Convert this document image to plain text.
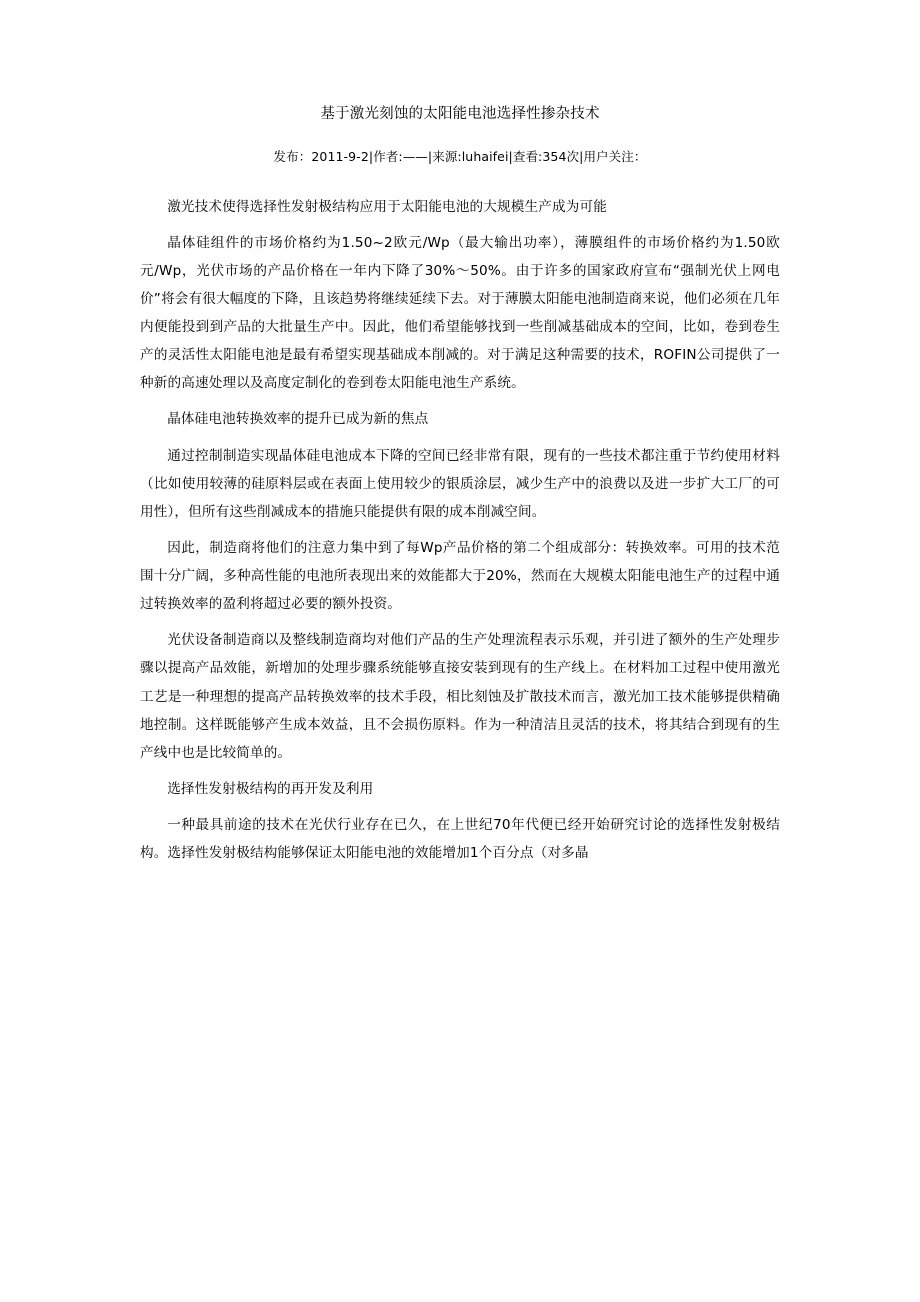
基于激光刻蚀的太阳能电池选择性掺杂技术
发布：2011-9-2|作者:——|来源:luhaifei|查看:354次|用户关注：
激光技术使得选择性发射极结构应用于太阳能电池的大规模生产成为可能

晶体硅组件的市场价格约为1.50~2欧元/Wp（最大输出功率），薄膜组件的市场价格约为1.50欧元/Wp，光伏市场的产品价格在一年内下降了30%～50%。由于许多的国家政府宣布“强制光伏上网电价”将会有很大幅度的下降，且该趋势将继续延续下去。对于薄膜太阳能电池制造商来说，他们必须在几年内便能投到到产品的大批量生产中。因此，他们希望能够找到一些削减基础成本的空间，比如，卷到卷生产的灵活性太阳能电池是最有希望实现基础成本削减的。对于满足这种需要的技术，ROFIN公司提供了一种新的高速处理以及高度定制化的卷到卷太阳能电池生产系统。

晶体硅电池转换效率的提升已成为新的焦点

通过控制制造实现晶体硅电池成本下降的空间已经非常有限，现有的一些技术都注重于节约使用材料（比如使用较薄的硅原料层或在表面上使用较少的银质涂层，减少生产中的浪费以及进一步扩大工厂的可用性），但所有这些削减成本的措施只能提供有限的成本削减空间。

因此，制造商将他们的注意力集中到了每Wp产品价格的第二个组成部分：转换效率。可用的技术范围十分广阔，多种高性能的电池所表现出来的效能都大于20%，然而在大规模太阳能电池生产的过程中通过转换效率的盈利将超过必要的额外投资。

光伏设备制造商以及整线制造商均对他们产品的生产处理流程表示乐观，并引进了额外的生产处理步骤以提高产品效能，新增加的处理步骤系统能够直接安装到现有的生产线上。在材料加工过程中使用激光工艺是一种理想的提高产品转换效率的技术手段，相比刻蚀及扩散技术而言，激光加工技术能够提供精确地控制。这样既能够产生成本效益，且不会损伤原料。作为一种清洁且灵活的技术，将其结合到现有的生产线中也是比较简单的。

选择性发射极结构的再开发及利用

一种最具前途的技术在光伏行业存在已久，在上世纪70年代便已经开始研究讨论的选择性发射极结构。选择性发射极结构能够保证太阳能电池的效能增加1个百分点（对多晶
